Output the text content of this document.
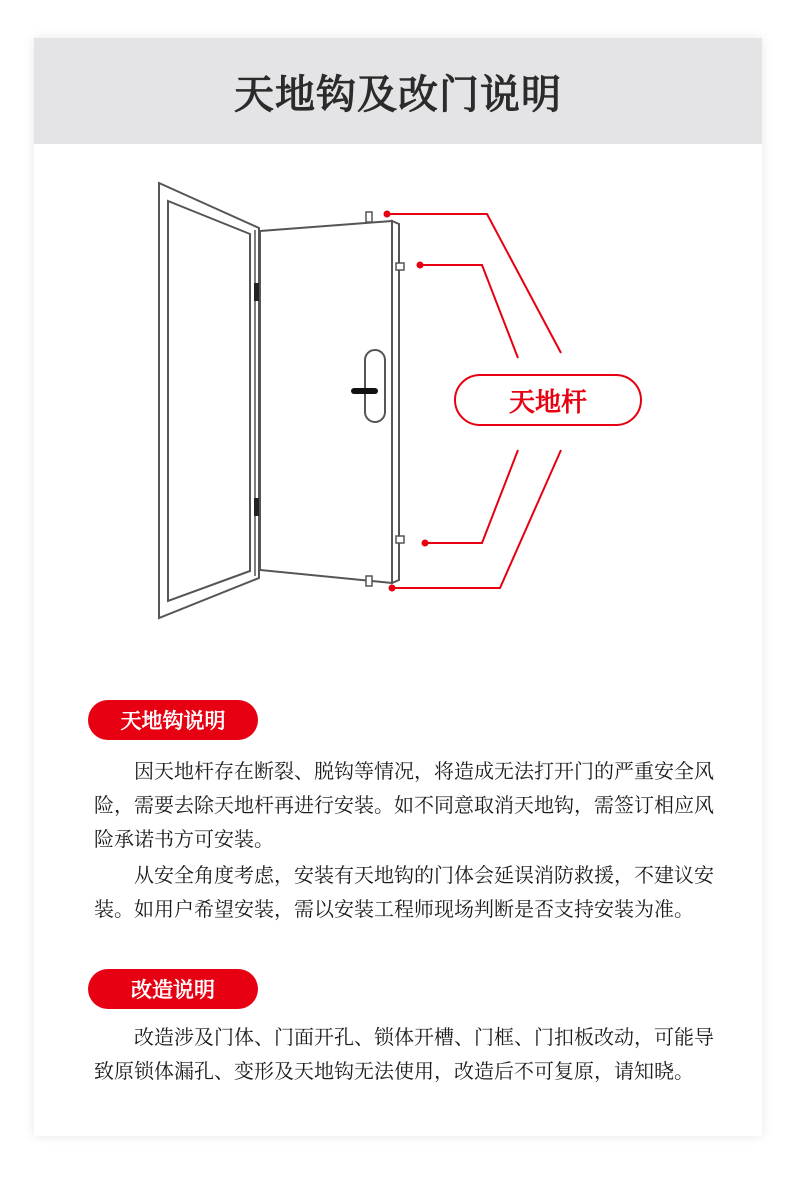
天地钩及改门说明
天地杆
天地钩说明

因天地杆存在断裂、脱钩等情况，将造成无法打开门的严重安全风险，需要去除天地杆再进行安装。如不同意取消天地钩，需签订相应风险承诺书方可安装。

从安全角度考虑，安装有天地钩的门体会延误消防救援，不建议安装。如用户希望安装，需以安装工程师现场判断是否支持安装为准。

改造说明

改造涉及门体、门面开孔、锁体开槽、门框、门扣板改动，可能导致原锁体漏孔、变形及天地钩无法使用，改造后不可复原，请知晓。
